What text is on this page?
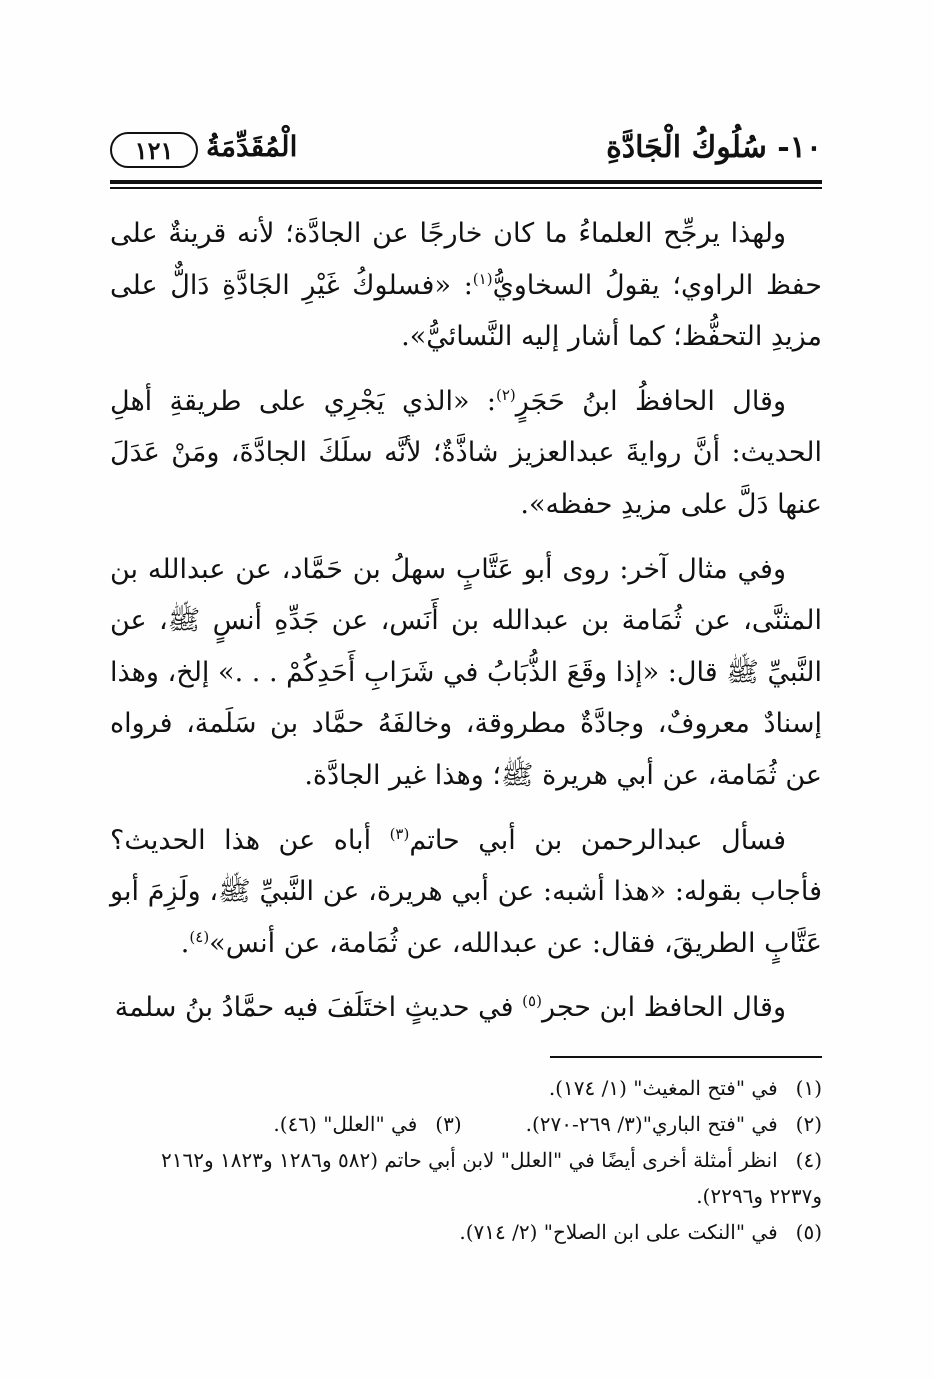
١٠- سُلُوكُ الْجَادَّةِ
الْمُقَدِّمَةُ
١٢١

ولهذا يرجِّح العلماءُ ما كان خارجًا عن الجادَّة؛ لأنه قرينةٌ على حفظ الراوي؛ يقولُ السخاويُّ$^{(١)}$: «فسلوكُ غَيْرِ الجَادَّةِ دَالٌّ على مزيدِ التحفُّظ؛ كما أشار إليه النَّسائيُّ».

وقال الحافظُ ابنُ حَجَرٍ$^{(٢)}$: «الذي يَجْرِي على طريقةِ أهلِ الحديث: أنَّ روايةَ عبدالعزيز شاذَّةٌ؛ لأنَّه سلَكَ الجادَّةَ، ومَنْ عَدَلَ عنها دَلَّ على مزيدِ حفظه».

وفي مثال آخر: روى أبو عَتَّابٍ سهلُ بن حَمَّاد، عن عبدالله بن المثنَّى، عن ثُمَامة بن عبدالله بن أَنَس، عن جَدِّهِ أنسٍ ﷺ، عن النَّبيِّ ﷺ قال: «إذا وقَعَ الذُّبَابُ في شَرَابِ أَحَدِكُمْ . . .» إلخ، وهذا إسنادٌ معروفٌ، وجادَّةٌ مطروقة، وخالفَهُ حمَّاد بن سَلَمة، فرواه عن ثُمَامة، عن أبي هريرة ﷺ؛ وهذا غير الجادَّة.

فسأل عبدالرحمن بن أبي حاتم$^{(٣)}$ أباه عن هذا الحديث؟ فأجاب بقوله: «هذا أشبه: عن أبي هريرة، عن النَّبيِّ ﷺ، ولَزِمَ أبو عَتَّابٍ الطريقَ، فقال: عن عبدالله، عن ثُمَامة، عن أنس»$^{(٤)}$.

وقال الحافظ ابن حجر$^{(٥)}$ في حديثٍ اختَلَفَ فيه حمَّادُ بنُ سلمة

(١) في "فتح المغيث" (١/ ١٧٤).

(٢) في "فتح الباري"(٣/ ٢٦٩-٢٧٠).

(٣) في "العلل" (٤٦).

(٤) انظر أمثلة أخرى أيضًا في "العلل" لابن أبي حاتم (٥٨٢ و١٢٨٦ و١٨٢٣ و٢١٦٢ و٢٢٣٧ و٢٢٩٦).

(٥) في "النكت على ابن الصلاح" (٢/ ٧١٤).
